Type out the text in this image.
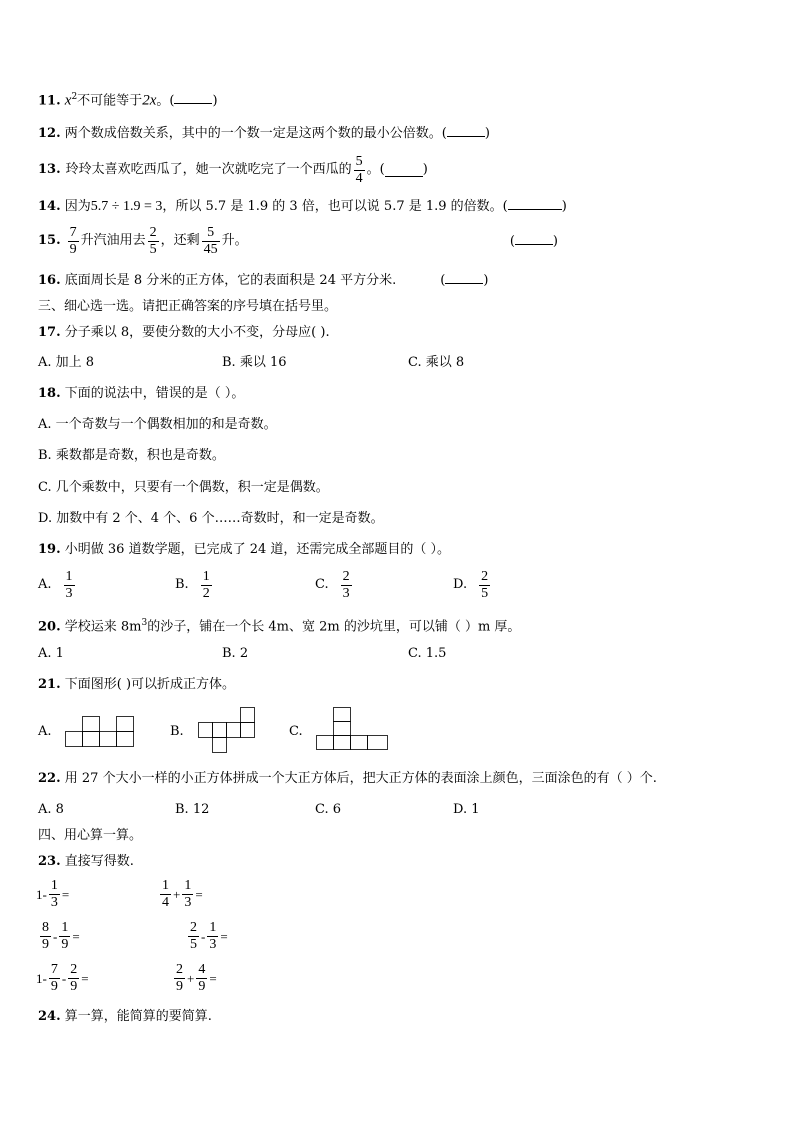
11. $x^2$不可能等于2x。(	)
12. 两个数成倍数关系，其中的一个数一定是这两个数的最小公倍数。(	)
13. 玲玲太喜欢吃西瓜了，她一次就吃完了一个西瓜的 $\frac{5}{4}$ 。(	)
14. 因为5.7 ÷ 1.9 = 3，所以 5.7 是 1.9 的 3 倍，也可以说 5.7 是 1.9 的倍数。(	)
15. $\frac{7}{9}$ 升汽油用去 $\frac{2}{5}$ ，还剩 $\frac{5}{45}$ 升。	(	)
16. 底面周长是 8 分米的正方体，它的表面积是 24 平方分米.	(	)
三、细心选一选。请把正确答案的序号填在括号里。
17. 分子乘以 8，要使分数的大小不变，分母应( ).
A. 加上 8	B. 乘以 16	C. 乘以 8
18. 下面的说法中，错误的是（ ）。
A. 一个奇数与一个偶数相加的和是奇数。
B. 乘数都是奇数，积也是奇数。
C. 几个乘数中，只要有一个偶数，积一定是偶数。
D. 加数中有 2 个、4 个、6 个……奇数时，和一定是奇数。
19. 小明做 36 道数学题，已完成了 24 道，还需完成全部题目的（ ）。
A. $\frac{1}{3}$	B. $\frac{1}{2}$	C. $\frac{2}{3}$	D. $\frac{2}{5}$
20. 学校运来 $8m^3$的沙子，铺在一个长 4m、宽 2m 的沙坑里，可以铺（ ）m 厚。
A. 1	B. 2	C. 1.5
21. 下面图形( )可以折成正方体。
A.	B.	C.
22. 用 27 个大小一样的小正方体拼成一个大正方体后，把大正方体的表面涂上颜色，三面涂色的有（ ）个.
A. 8	B. 12	C. 6	D. 1
四、用心算一算。
23. 直接写得数.
$1- \frac{1}{3}$ =	$\frac{1}{4} + \frac{1}{3}$ =
$\frac{8}{9} - \frac{1}{9}$ =	$\frac{2}{5} - \frac{1}{3}$ =
$1- \frac{7}{9} - \frac{2}{9}$ =	$\frac{2}{9} + \frac{4}{9}$ =
24. 算一算，能简算的要简算.
